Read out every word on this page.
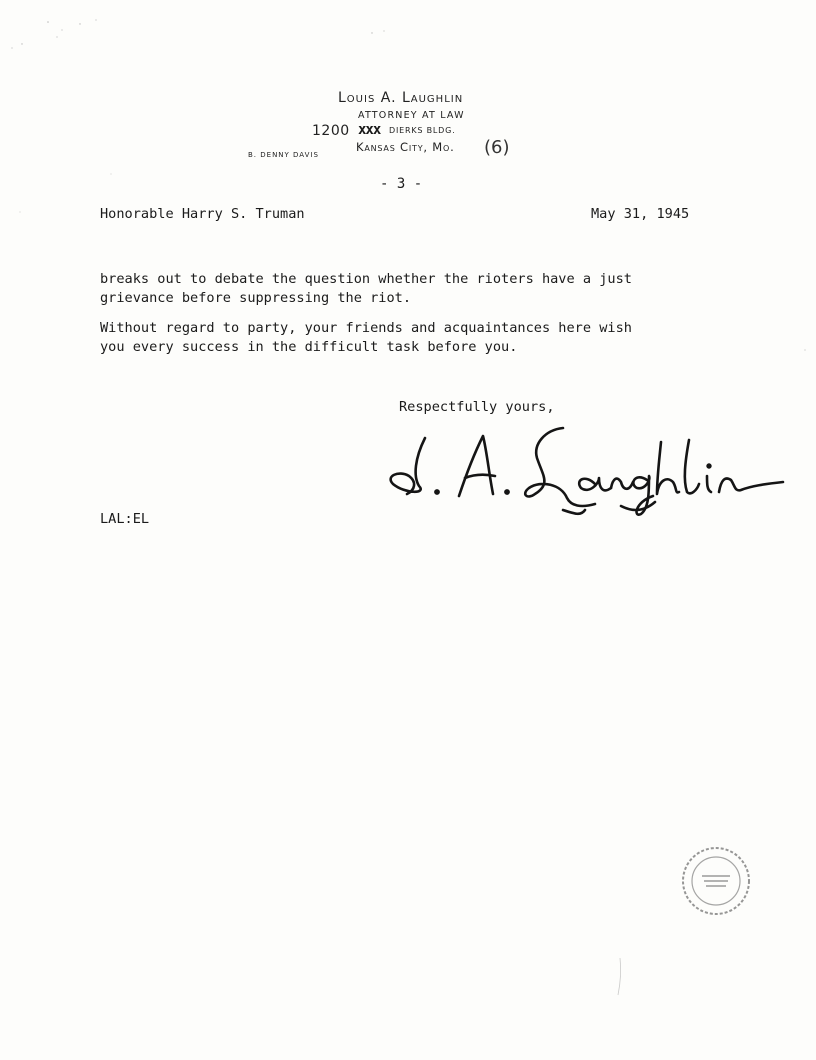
Louis A. Laughlin
ATTORNEY AT LAW
1200 xxx DIERKS BLDG.
Kansas City, Mo.
B. DENNY DAVIS	(6)
- 3 -
Honorable Harry S. Truman	May 31, 1945
breaks out to debate the question whether the rioters have a just
grievance before suppressing the riot.
Without regard to party, your friends and acquaintances here wish
you every success in the difficult task before you.
Respectfully yours,
LAL:EL
